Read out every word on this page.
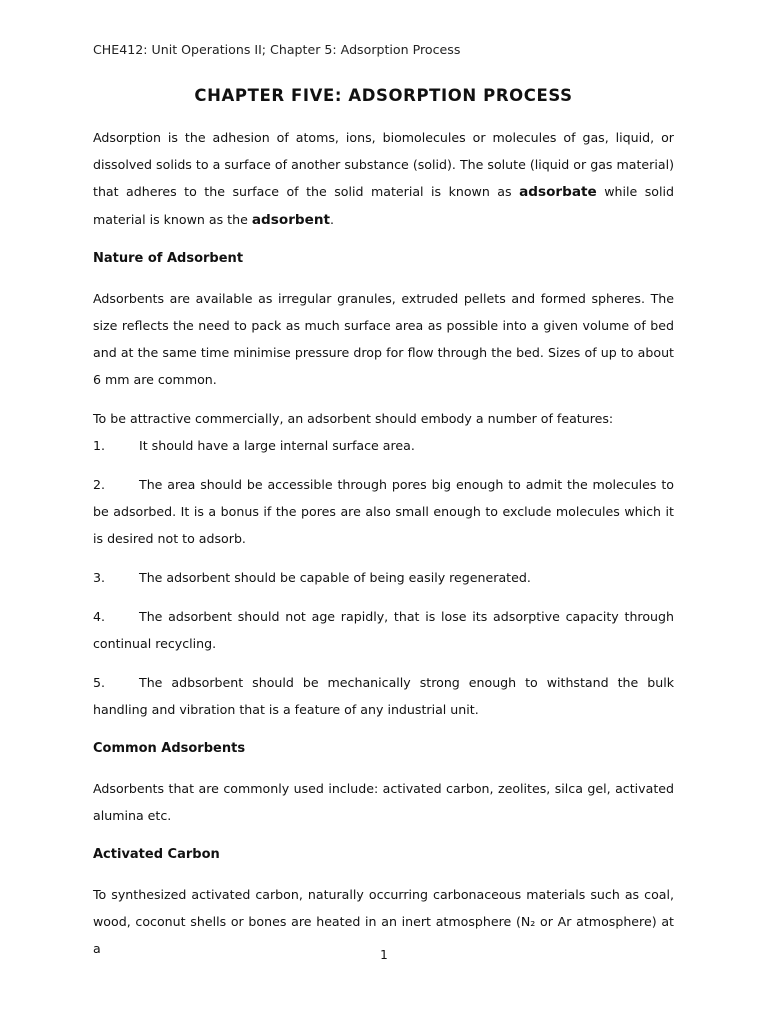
CHE412: Unit Operations II; Chapter 5: Adsorption Process
CHAPTER FIVE: ADSORPTION PROCESS

Adsorption is the adhesion of atoms, ions, biomolecules or molecules of gas, liquid, or dissolved solids to a surface of another substance (solid). The solute (liquid or gas material) that adheres to the surface of the solid material is known as adsorbate while solid material is known as the adsorbent.

Nature of Adsorbent

Adsorbents are available as irregular granules, extruded pellets and formed spheres. The size reflects the need to pack as much surface area as possible into a given volume of bed and at the same time minimise pressure drop for flow through the bed. Sizes of up to about 6 mm are common.

To be attractive commercially, an adsorbent should embody a number of features:

1.	It should have a large internal surface area.

2.	The area should be accessible through pores big enough to admit the molecules to be adsorbed. It is a bonus if the pores are also small enough to exclude molecules which it is desired not to adsorb.

3.	The adsorbent should be capable of being easily regenerated.

4.	The adsorbent should not age rapidly, that is lose its adsorptive capacity through continual recycling.

5.	The adbsorbent should be mechanically strong enough to withstand the bulk handling and vibration that is a feature of any industrial unit.

Common Adsorbents

Adsorbents that are commonly used include: activated carbon, zeolites, silca gel, activated alumina etc.

Activated Carbon

To synthesized activated carbon, naturally occurring carbonaceous materials such as coal, wood, coconut shells or bones are heated in an inert atmosphere (N₂ or Ar atmosphere) at a	1
